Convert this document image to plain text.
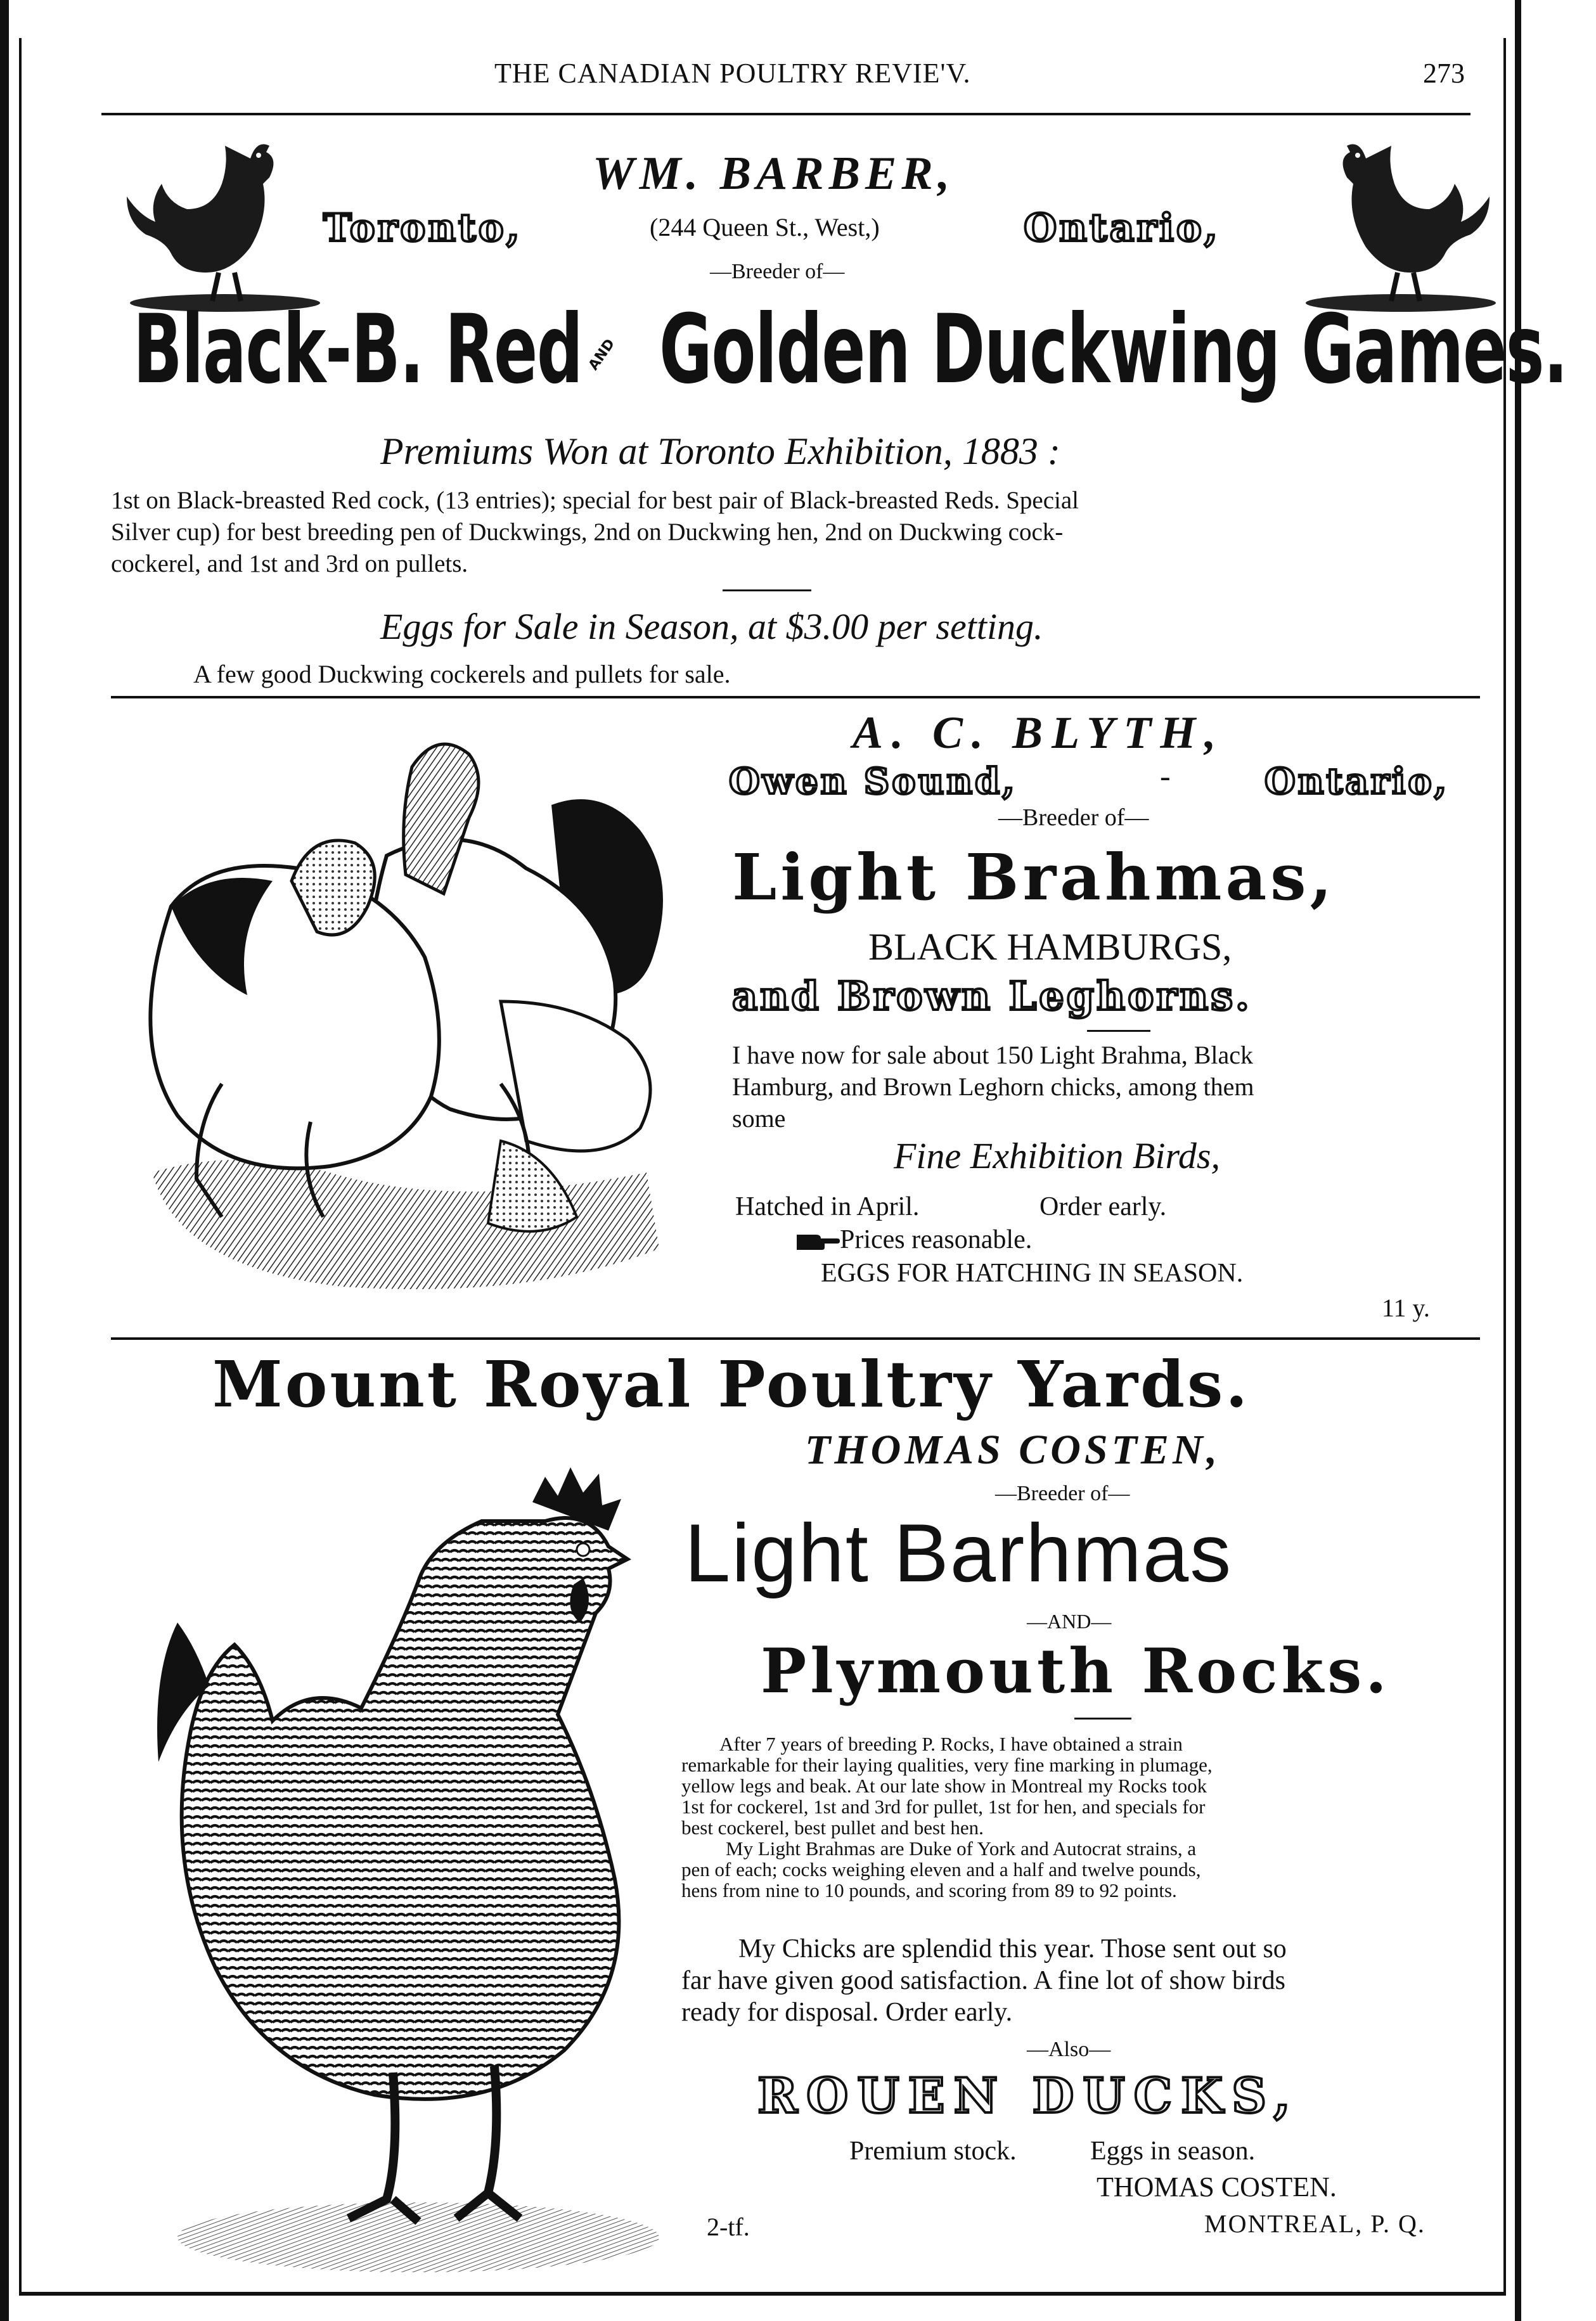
THE CANADIAN POULTRY REVIE'V.	273
WM. BARBER,
Toronto,	(244 Queen St., West,)	Ontario,
—Breeder of—
Black-B. Red AND Golden Duckwing Games.
Premiums Won at Toronto Exhibition, 1883 :
1st on Black-breasted Red cock, (13 entries); special for best pair of Black-breasted Reds. Special
Silver cup) for best breeding pen of Duckwings, 2nd on Duckwing hen, 2nd on Duckwing cock-
cockerel, and 1st and 3rd on pullets.
Eggs for Sale in Season, at $3.00 per setting.
A few good Duckwing cockerels and pullets for sale.
A. C. BLYTH,
Owen Sound,	-	Ontario,
—Breeder of—
Light Brahmas,
BLACK HAMBURGS,
and Brown Leghorns.
I have now for sale about 150 Light Brahma, Black
Hamburg, and Brown Leghorn chicks, among them
some
Fine Exhibition Birds,
Hatched in April.	Order early.
Prices reasonable.
EGGS FOR HATCHING IN SEASON.
11 y.
Mount Royal Poultry Yards.
THOMAS COSTEN,
—Breeder of—
Light Barhmas
—AND—
Plymouth Rocks.
After 7 years of breeding P. Rocks, I have obtained a strain
remarkable for their laying qualities, very fine marking in plumage,
yellow legs and beak. At our late show in Montreal my Rocks took
1st for cockerel, 1st and 3rd for pullet, 1st for hen, and specials for
best cockerel, best pullet and best hen.
My Light Brahmas are Duke of York and Autocrat strains, a
pen of each; cocks weighing eleven and a half and twelve pounds,
hens from nine to 10 pounds, and scoring from 89 to 92 points.
My Chicks are splendid this year. Those sent out so
far have given good satisfaction. A fine lot of show birds
ready for disposal. Order early.
—Also—
ROUEN DUCKS,
Premium stock.	Eggs in season.
THOMAS COSTEN.
MONTREAL, P. Q.
2-tf.
